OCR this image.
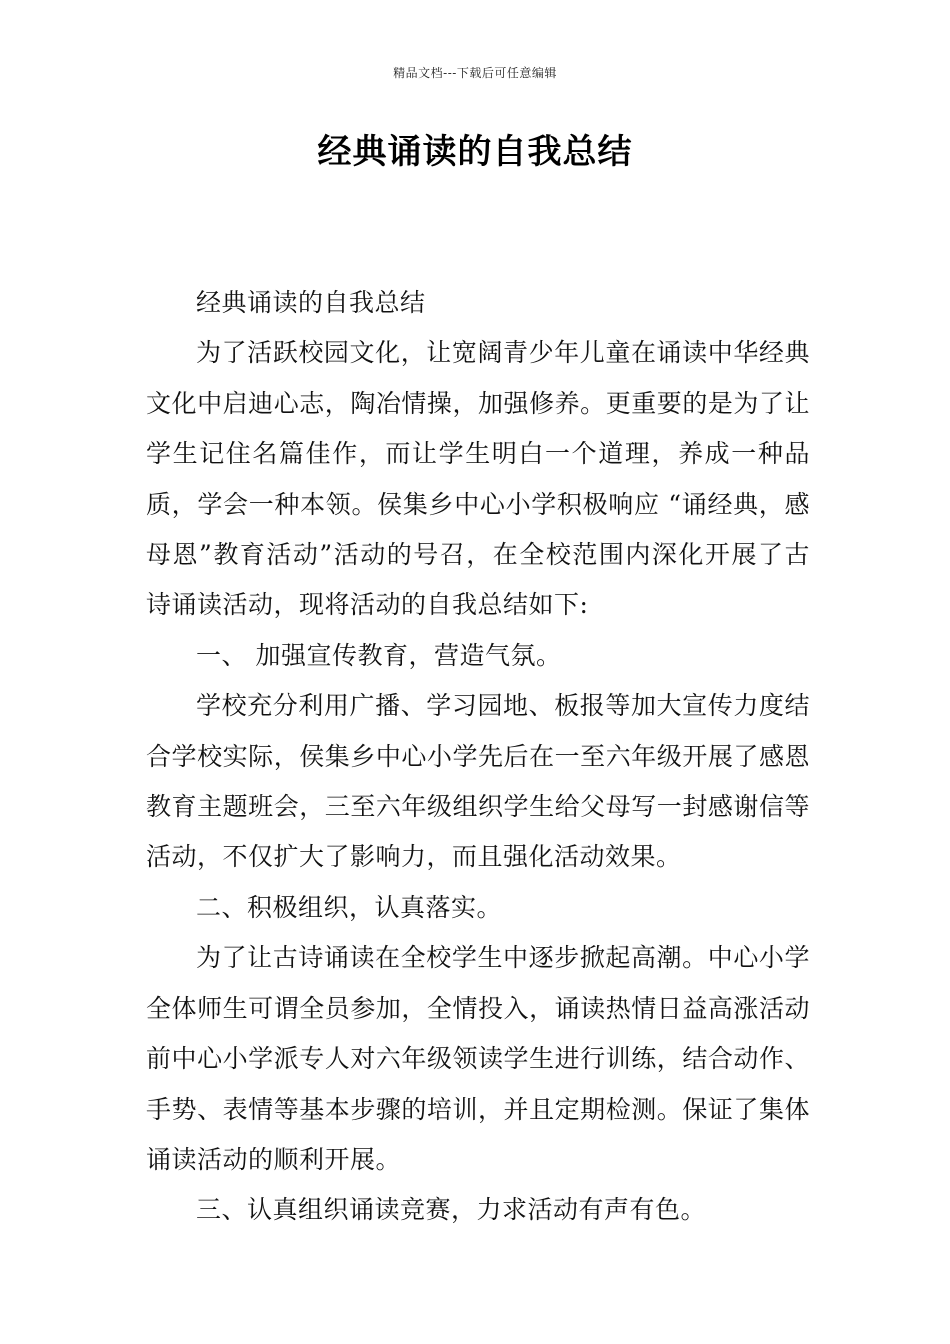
精品文档---下载后可任意编辑
经典诵读的自我总结

经典诵读的自我总结

为了活跃校园文化，让宽阔青少年儿童在诵读中华经典文化中启迪心志，陶冶情操，加强修养。更重要的是为了让学生记住名篇佳作，而让学生明白一个道理，养成一种品质，学会一种本领。侯集乡中心小学积极响应 “诵经典，感母恩”教育活动”活动的号召，在全校范围内深化开展了古诗诵读活动，现将活动的自我总结如下:

一、 加强宣传教育，营造气氛。

学校充分利用广播、学习园地、板报等加大宣传力度结合学校实际，侯集乡中心小学先后在一至六年级开展了感恩教育主题班会，三至六年级组织学生给父母写一封感谢信等活动，不仅扩大了影响力，而且强化活动效果。

二、积极组织，认真落实。

为了让古诗诵读在全校学生中逐步掀起高潮。中心小学全体师生可谓全员参加，全情投入，诵读热情日益高涨活动前中心小学派专人对六年级领读学生进行训练，结合动作、手势、表情等基本步骤的培训，并且定期检测。保证了集体诵读活动的顺利开展。

三、认真组织诵读竞赛，力求活动有声有色。
